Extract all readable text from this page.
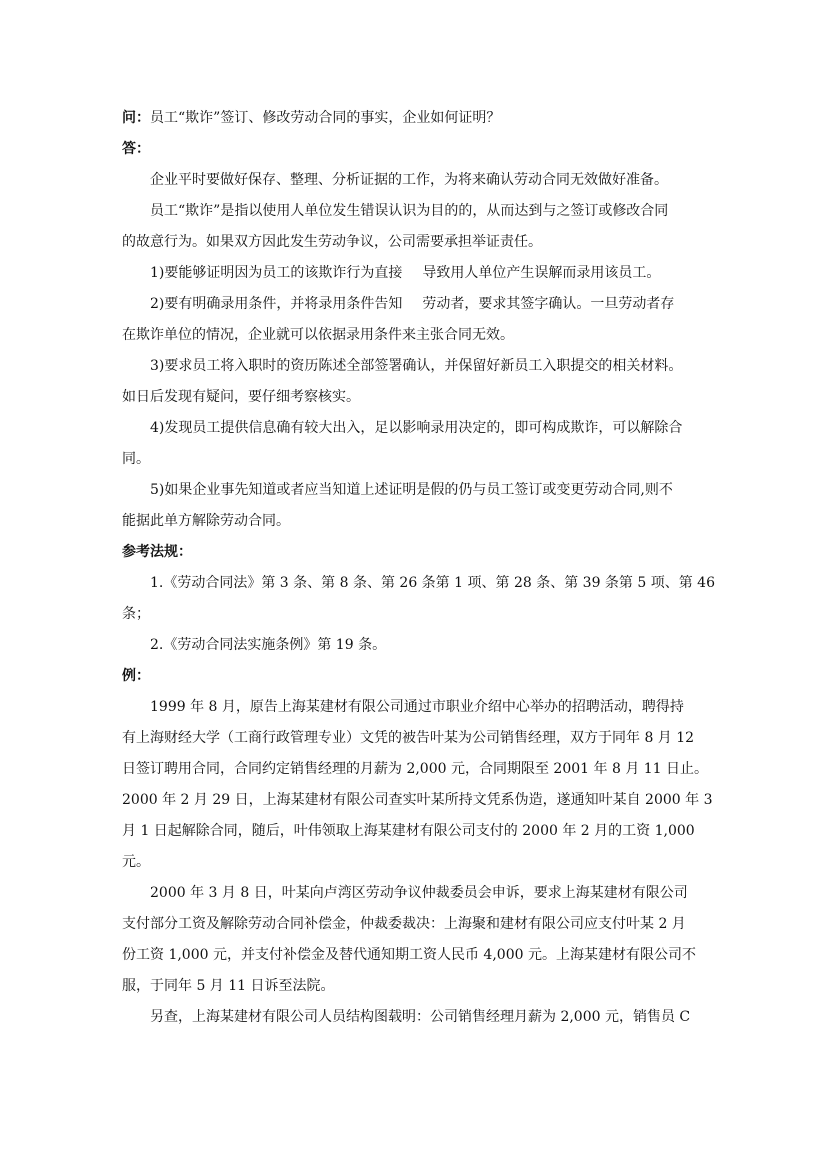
问：员工“欺诈”签订、修改劳动合同的事实，企业如何证明？
答：
企业平时要做好保存、整理、分析证据的工作，为将来确认劳动合同无效做好准备。
员工“欺诈”是指以使用人单位发生错误认识为目的的，从而达到与之签订或修改合同
的故意行为。如果双方因此发生劳动争议，公司需要承担举证责任。
1)要能够证明因为员工的该欺诈行为直接 导致用人单位产生误解而录用该员工。
2)要有明确录用条件，并将录用条件告知 劳动者，要求其签字确认。一旦劳动者存
在欺诈单位的情况，企业就可以依据录用条件来主张合同无效。
3)要求员工将入职时的资历陈述全部签署确认，并保留好新员工入职提交的相关材料。
如日后发现有疑问，要仔细考察核实。
4)发现员工提供信息确有较大出入，足以影响录用决定的，即可构成欺诈，可以解除合
同。
5)如果企业事先知道或者应当知道上述证明是假的仍与员工签订或变更劳动合同,则不
能据此单方解除劳动合同。
参考法规：
1.《劳动合同法》第 3 条、第 8 条、第 26 条第 1 项、第 28 条、第 39 条第 5 项、第 46
条；
2.《劳动合同法实施条例》第 19 条。
例：
1999 年 8 月，原告上海某建材有限公司通过市职业介绍中心举办的招聘活动，聘得持
有上海财经大学（工商行政管理专业）文凭的被告叶某为公司销售经理，双方于同年 8 月 12
日签订聘用合同，合同约定销售经理的月薪为 2,000 元，合同期限至 2001 年 8 月 11 日止。
2000 年 2 月 29 日，上海某建材有限公司查实叶某所持文凭系伪造，遂通知叶某自 2000 年 3
月 1 日起解除合同，随后，叶伟领取上海某建材有限公司支付的 2000 年 2 月的工资 1,000
元。
2000 年 3 月 8 日，叶某向卢湾区劳动争议仲裁委员会申诉，要求上海某建材有限公司
支付部分工资及解除劳动合同补偿金，仲裁委裁决：上海聚和建材有限公司应支付叶某 2 月
份工资 1,000 元，并支付补偿金及替代通知期工资人民币 4,000 元。上海某建材有限公司不
服，于同年 5 月 11 日诉至法院。
另查，上海某建材有限公司人员结构图载明：公司销售经理月薪为 2,000 元，销售员 C
